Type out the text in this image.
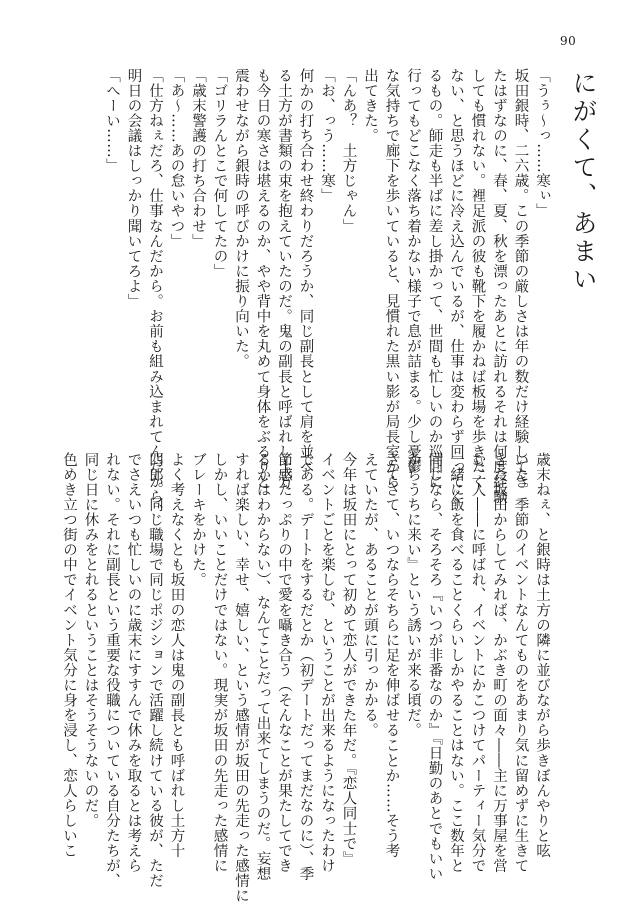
90
にがくて、あまい
「うぅ〜っ……寒ぃ」
坂田銀時、二六歳。この季節の厳しさは年の数だけ経験してき
たはずなのに、春、夏、秋を漂ったあとに訪れるそれは何度経験
しても慣れない。裡足派の彼も靴下を履かねば板場を歩きたく
ない、と思うほどに冷え込んでいるが、仕事は変わらず回ってく
るもの。師走も半ばに差し掛かって、世間も忙しいのか巡回に
行ってもどこなく落ち着かない様子で息が詰まる。少し憂鬱
な気持ちで廊下を歩いていると、見慣れた黒い影が局長室から
出てきた。
「んあ？　土方じゃん」
「お、っう……寒」
何かの打ち合わせ終わりだろうか、同じ副長として肩を並べ
る土方が書類の束を抱えていたのだ。鬼の副長と呼ばれし土方
も今日の寒さは堪えるのか、やや背中を丸めて身体をぶるりと
震わせながら銀時の呼びかけに振り向いた。
「ゴリラんとこで何してたの」
「歳末警護の打ち合わせ」
「あ〜……あの怠いやつ」
「仕方ねぇだろ、仕事なんだから。お前も組み込まれてんだから、
明日の会議はしっかり聞いてろよ」
「へーい……」
歳末ねぇ、と銀時は土方の隣に並びながら歩きぼんやりと呟
いた。季節のイベントなんてものをあまり気に留めずに生きて
きた坂田からしてみれば、かぶき町の面々――主に万事屋を営
む二人――に呼ばれ、イベントにかこつけてパーティー気分で
一緒に飯を食べることくらいしかやることはない。ここ数年と
同じなら、そろそろ『いつが非番なのか』『日勤のあとでもいい
からうちに来い』という誘いが来る頃だ。
さてさて、いつならそちらに足を伸ばせることか……そう考
えていたが、あることが頭に引っかかる。
今年は坂田にとって初めて恋人ができた年だ。『恋人同士で』
イベントごとを楽しむ、ということが出来るようになったわけ
である。デートをするだとか（初デートだってまだなのに）、季
節感たっぷりの中で愛を囁き合う（そんなことが果たしてでき
るかはわからない）、なんてことだって出来てしまうのだ。妄想
すれば楽しい、幸せ、嬉しい、という感情が坂田の先走った感情に
しかし、いいことだけではない。現実が坂田の先走った感情に
ブレーキをかけた。
よく考えなくとも坂田の恋人は鬼の副長とも呼ばれし土方十
四郎。同じ職場で同じポジションで活躍し続けている彼が、ただ
でさえいつも忙しいのに歳末にすすんで休みを取るとは考えら
れない。それに副長という重要な役職についている自分たちが、
同じ日に休みをとれるということはそうそうないのだ。
色めき立つ街の中でイベント気分に身を浸し、恋人らしいこ
